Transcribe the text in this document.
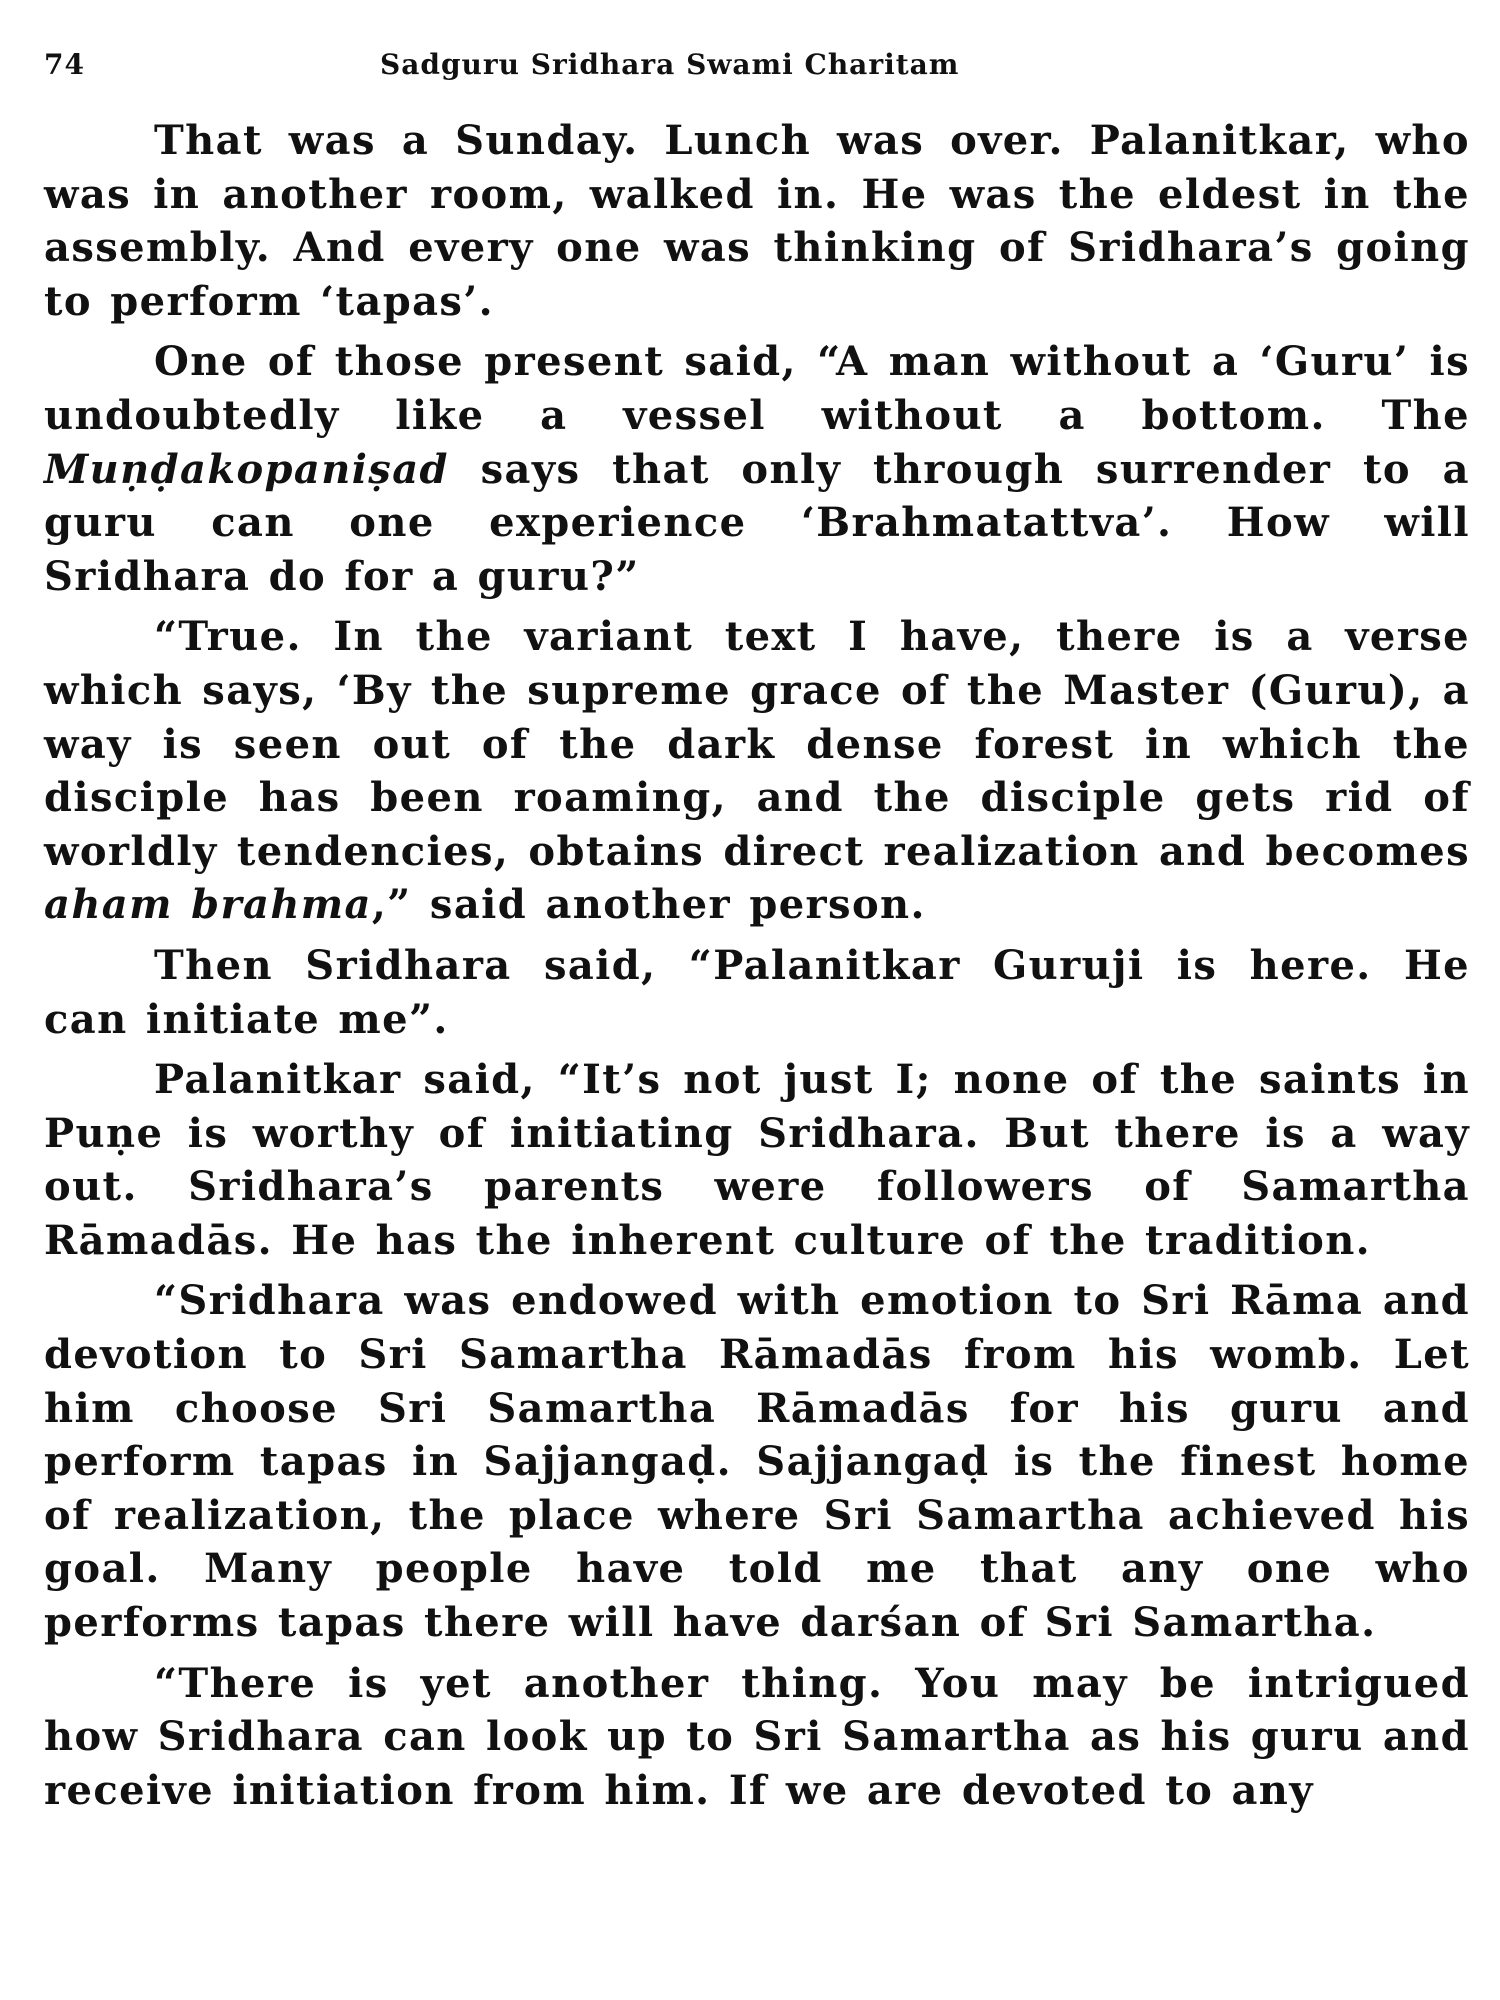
74	Sadguru Sridhara Swami Charitam

That was a Sunday. Lunch was over. Palanitkar, who was in another room, walked in. He was the eldest in the assembly. And every one was thinking of Sridhara’s going to perform ‘tapas’.

One of those present said, “A man without a ‘Guru’ is undoubtedly like a vessel without a bottom. The Muṇḍakopaniṣad says that only through surrender to a guru can one experience ‘Brahmatattva’. How will Sridhara do for a guru?”

“True. In the variant text I have, there is a verse which says, ‘By the supreme grace of the Master (Guru), a way is seen out of the dark dense forest in which the disciple has been roaming, and the disciple gets rid of worldly tendencies, obtains direct realization and becomes aham brahma,” said another person.

Then Sridhara said, “Palanitkar Guruji is here. He can initiate me”.

Palanitkar said, “It’s not just I; none of the saints in Puṇe is worthy of initiating Sridhara. But there is a way out. Sridhara’s parents were followers of Samartha Rāmadās. He has the inherent culture of the tradition.

“Sridhara was endowed with emotion to Sri Rāma and devotion to Sri Samartha Rāmadās from his womb. Let him choose Sri Samartha Rāmadās for his guru and perform tapas in Sajjangaḍ. Sajjangaḍ is the finest home of realization, the place where Sri Samartha achieved his goal. Many people have told me that any one who performs tapas there will have darśan of Sri Samartha.

“There is yet another thing. You may be intrigued how Sridhara can look up to Sri Samartha as his guru and receive initiation from him. If we are devoted to any
